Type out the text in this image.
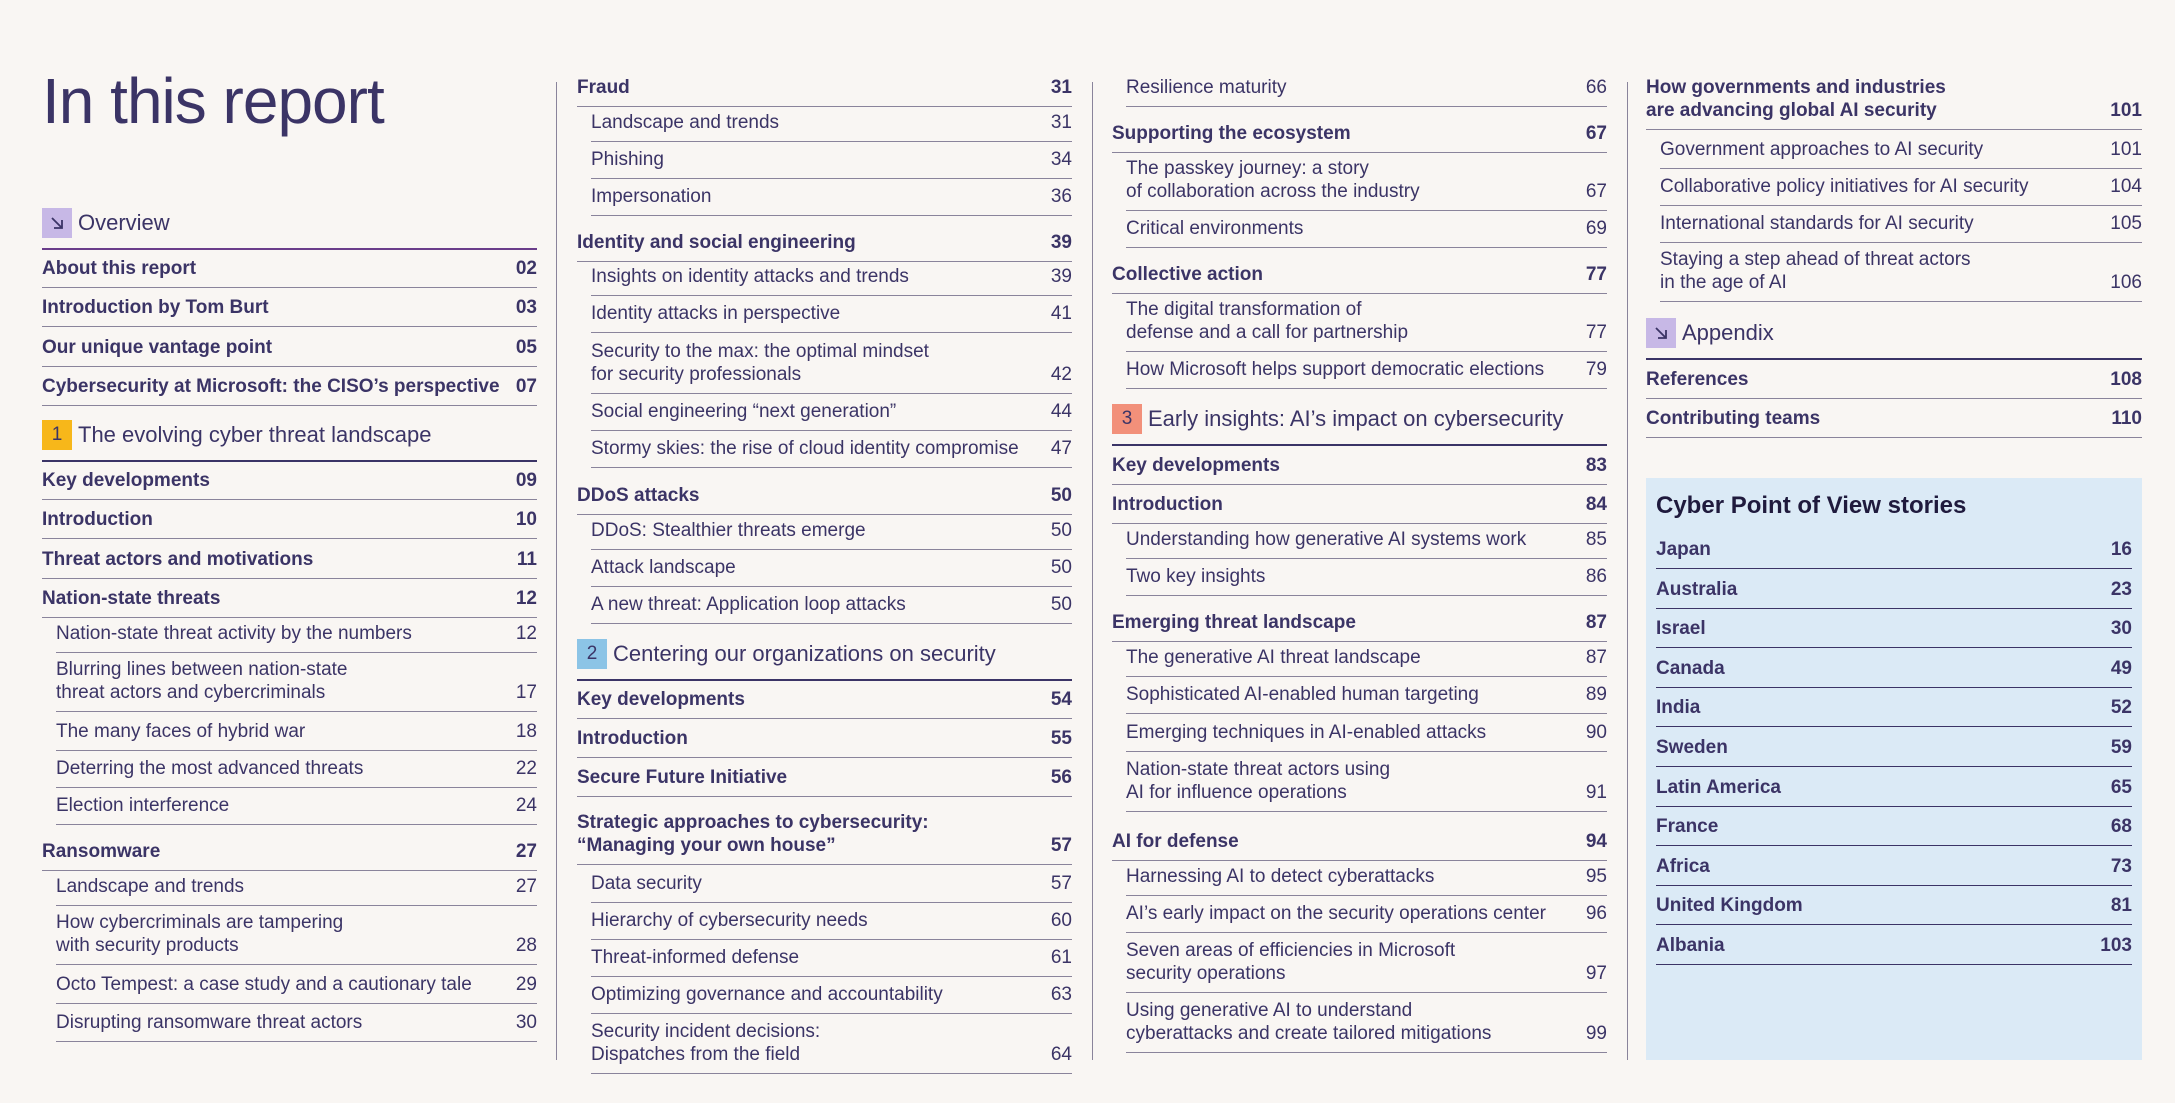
In this report
Overview
About this report	02
Introduction by Tom Burt	03
Our unique vantage point	05
Cybersecurity at Microsoft: the CISO’s perspective 07
1 The evolving cyber threat landscape
Key developments	09
Introduction	10
Threat actors and motivations	11
Nation-state threats	12
Nation-state threat activity by the numbers	12
Blurring lines between nation-state
threat actors and cybercriminals	17
The many faces of hybrid war	18
Deterring the most advanced threats	22
Election interference	24
Ransomware	27
Landscape and trends	27
How cybercriminals are tampering
with security products	28
Octo Tempest: a case study and a cautionary tale 29
Disrupting ransomware threat actors	30
Fraud	31
Landscape and trends	31
Phishing	34
Impersonation	36
Identity and social engineering	39
Insights on identity attacks and trends	39
Identity attacks in perspective	41
Security to the max: the optimal mindset
for security professionals	42
Social engineering “next generation”	44
Stormy skies: the rise of cloud identity compromise 47
DDoS attacks	50
DDoS: Stealthier threats emerge	50
Attack landscape	50
A new threat: Application loop attacks	50
2 Centering our organizations on security
Key developments	54
Introduction	55
Secure Future Initiative	56
Strategic approaches to cybersecurity:
“Managing your own house”	57
Data security	57
Hierarchy of cybersecurity needs	60
Threat-informed defense	61
Optimizing governance and accountability	63
Security incident decisions:
Dispatches from the field	64
Resilience maturity	66
Supporting the ecosystem	67
The passkey journey: a story
of collaboration across the industry	67
Critical environments	69
Collective action	77
The digital transformation of
defense and a call for partnership	77
How Microsoft helps support democratic elections 79
3 Early insights: AI’s impact on cybersecurity
Key developments	83
Introduction	84
Understanding how generative AI systems work	85
Two key insights	86
Emerging threat landscape	87
The generative AI threat landscape	87
Sophisticated AI-enabled human targeting	89
Emerging techniques in AI-enabled attacks	90
Nation-state threat actors using
AI for influence operations	91
AI for defense	94
Harnessing AI to detect cyberattacks	95
AI’s early impact on the security operations center 96
Seven areas of efficiencies in Microsoft
security operations	97
Using generative AI to understand
cyberattacks and create tailored mitigations	99
How governments and industries
are advancing global AI security	101
Government approaches to AI security	101
Collaborative policy initiatives for AI security	104
International standards for AI security	105
Staying a step ahead of threat actors
in the age of AI	106
Appendix
References	108
Contributing teams	110
Cyber Point of View stories
Japan	16
Australia	23
Israel	30
Canada	49
India	52
Sweden	59
Latin America	65
France	68
Africa	73
United Kingdom	81
Albania	103
